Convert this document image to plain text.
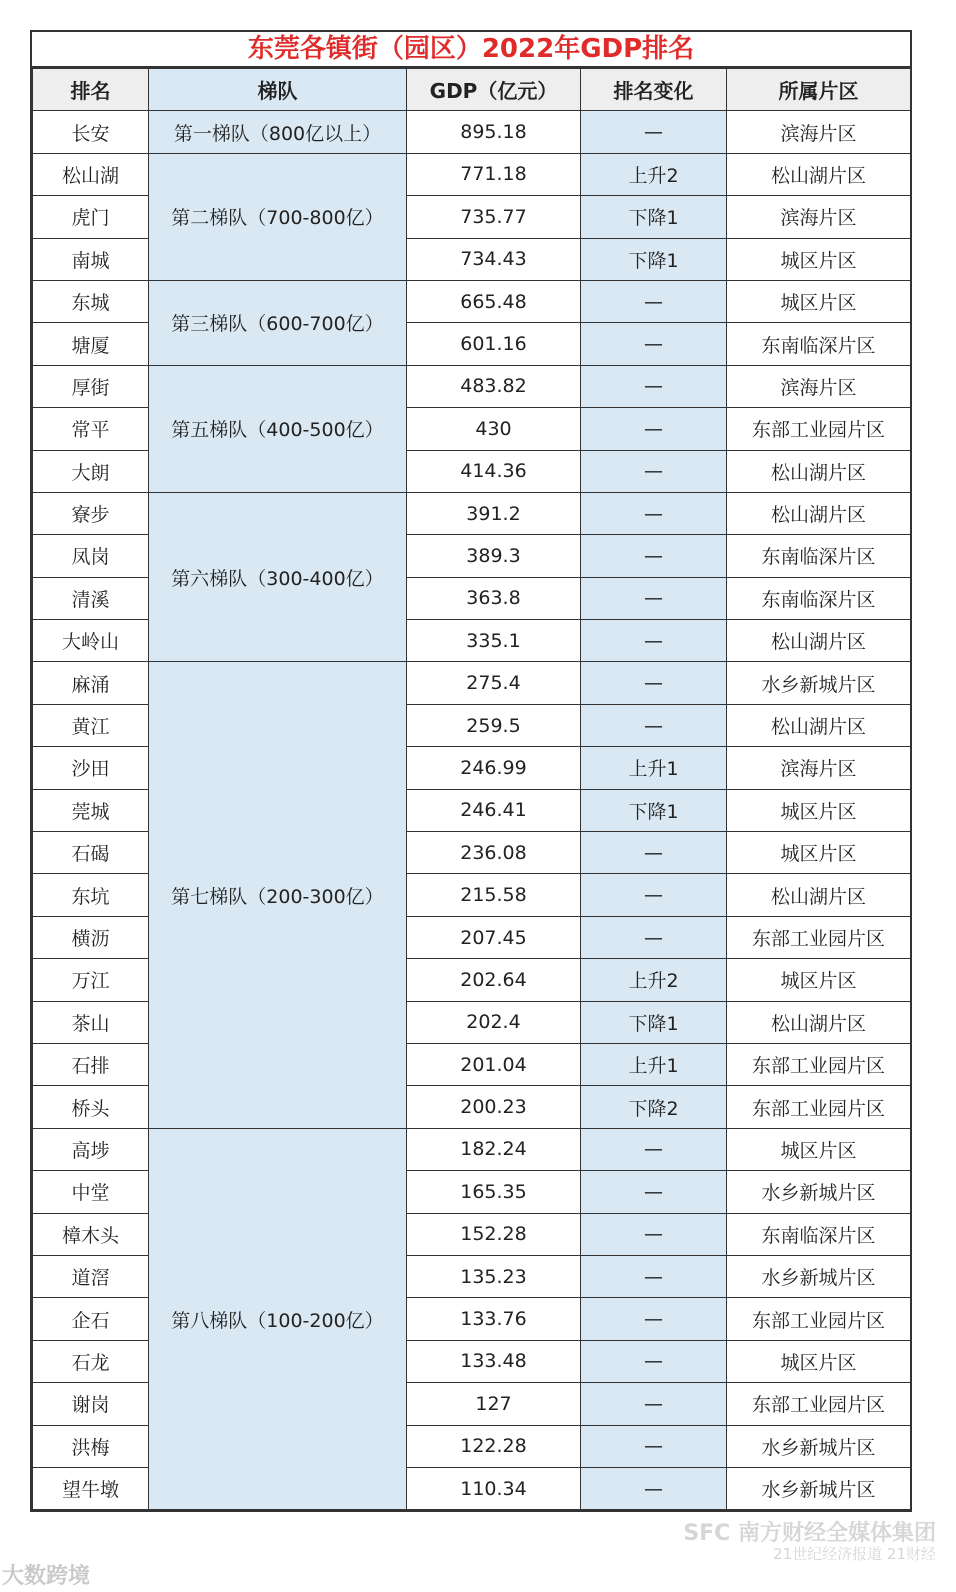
东莞各镇街（园区）2022年GDP排名
排名	梯队	GDP（亿元）	排名变化	所属片区
长安	第一梯队（800亿以上）	895.18	—	滨海片区
松山湖	第二梯队（700-800亿）	771.18	上升2	松山湖片区
虎门		735.77	下降1	滨海片区
南城		734.43	下降1	城区片区
东城	第三梯队（600-700亿）	665.48	—	城区片区
塘厦		601.16	—	东南临深片区
厚街	第五梯队（400-500亿）	483.82	—	滨海片区
常平		430	—	东部工业园片区
大朗		414.36	—	松山湖片区
寮步	第六梯队（300-400亿）	391.2	—	松山湖片区
凤岗		389.3	—	东南临深片区
清溪		363.8	—	东南临深片区
大岭山		335.1	—	松山湖片区
麻涌	第七梯队（200-300亿）	275.4	—	水乡新城片区
黄江		259.5	—	松山湖片区
沙田		246.99	上升1	滨海片区
莞城		246.41	下降1	城区片区
石碣		236.08	—	城区片区
东坑		215.58	—	松山湖片区
横沥		207.45	—	东部工业园片区
万江		202.64	上升2	城区片区
茶山		202.4	下降1	松山湖片区
石排		201.04	上升1	东部工业园片区
桥头		200.23	下降2	东部工业园片区
高埗	第八梯队（100-200亿）	182.24	—	城区片区
中堂		165.35	—	水乡新城片区
樟木头		152.28	—	东南临深片区
道滘		135.23	—	水乡新城片区
企石		133.76	—	东部工业园片区
石龙		133.48	—	城区片区
谢岗		127	—	东部工业园片区
洪梅		122.28	—	水乡新城片区
望牛墩		110.34	—	水乡新城片区
大数跨境
SFC 南方财经全媒体集团
21世纪经济报道 21财经
